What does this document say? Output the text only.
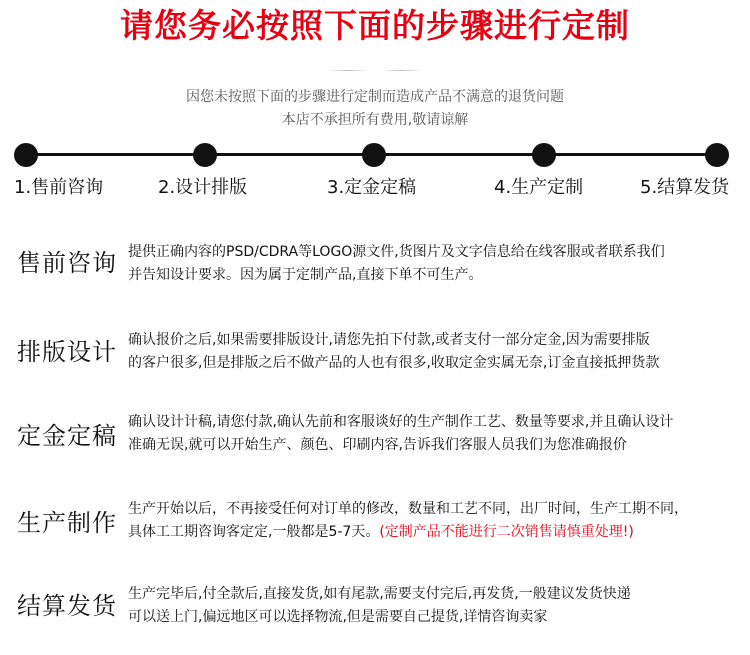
请您务必按照下面的步骤进行定制
因您未按照下面的步骤进行定制而造成产品不满意的退货问题
本店不承担所有费用,敬请谅解
1.售前咨询	2.设计排版	3.定金定稿	4.生产定制	5.结算发货
售前咨询 提供正确内容的PSD/CDRA等LOGO源文件,货图片及文字信息给在线客服或者联系我们

并告知设计要求。因为属于定制产品,直接下单不可生产。

排版设计 确认报价之后,如果需要排版设计,请您先拍下付款,或者支付一部分定金,因为需要排版

的客户很多,但是排版之后不做产品的人也有很多,收取定金实属无奈,订金直接抵押货款

定金定稿 确认设计计稿,请您付款,确认先前和客服谈好的生产制作工艺、数量等要求,并且确认设计

准确无误,就可以开始生产、颜色、印刷内容,告诉我们客服人员我们为您准确报价

生产制作 生产开始以后，不再接受任何对订单的修改，数量和工艺不同，出厂时间，生产工期不同，

具体工工期咨询客定定,一般都是5-7天。(定制产品不能进行二次销售请慎重处理!)

结算发货 生产完毕后,付全款后,直接发货,如有尾款,需要支付完后,再发货,一般建议发货快递

可以送上门,偏远地区可以选择物流,但是需要自己提货,详情咨询卖家
